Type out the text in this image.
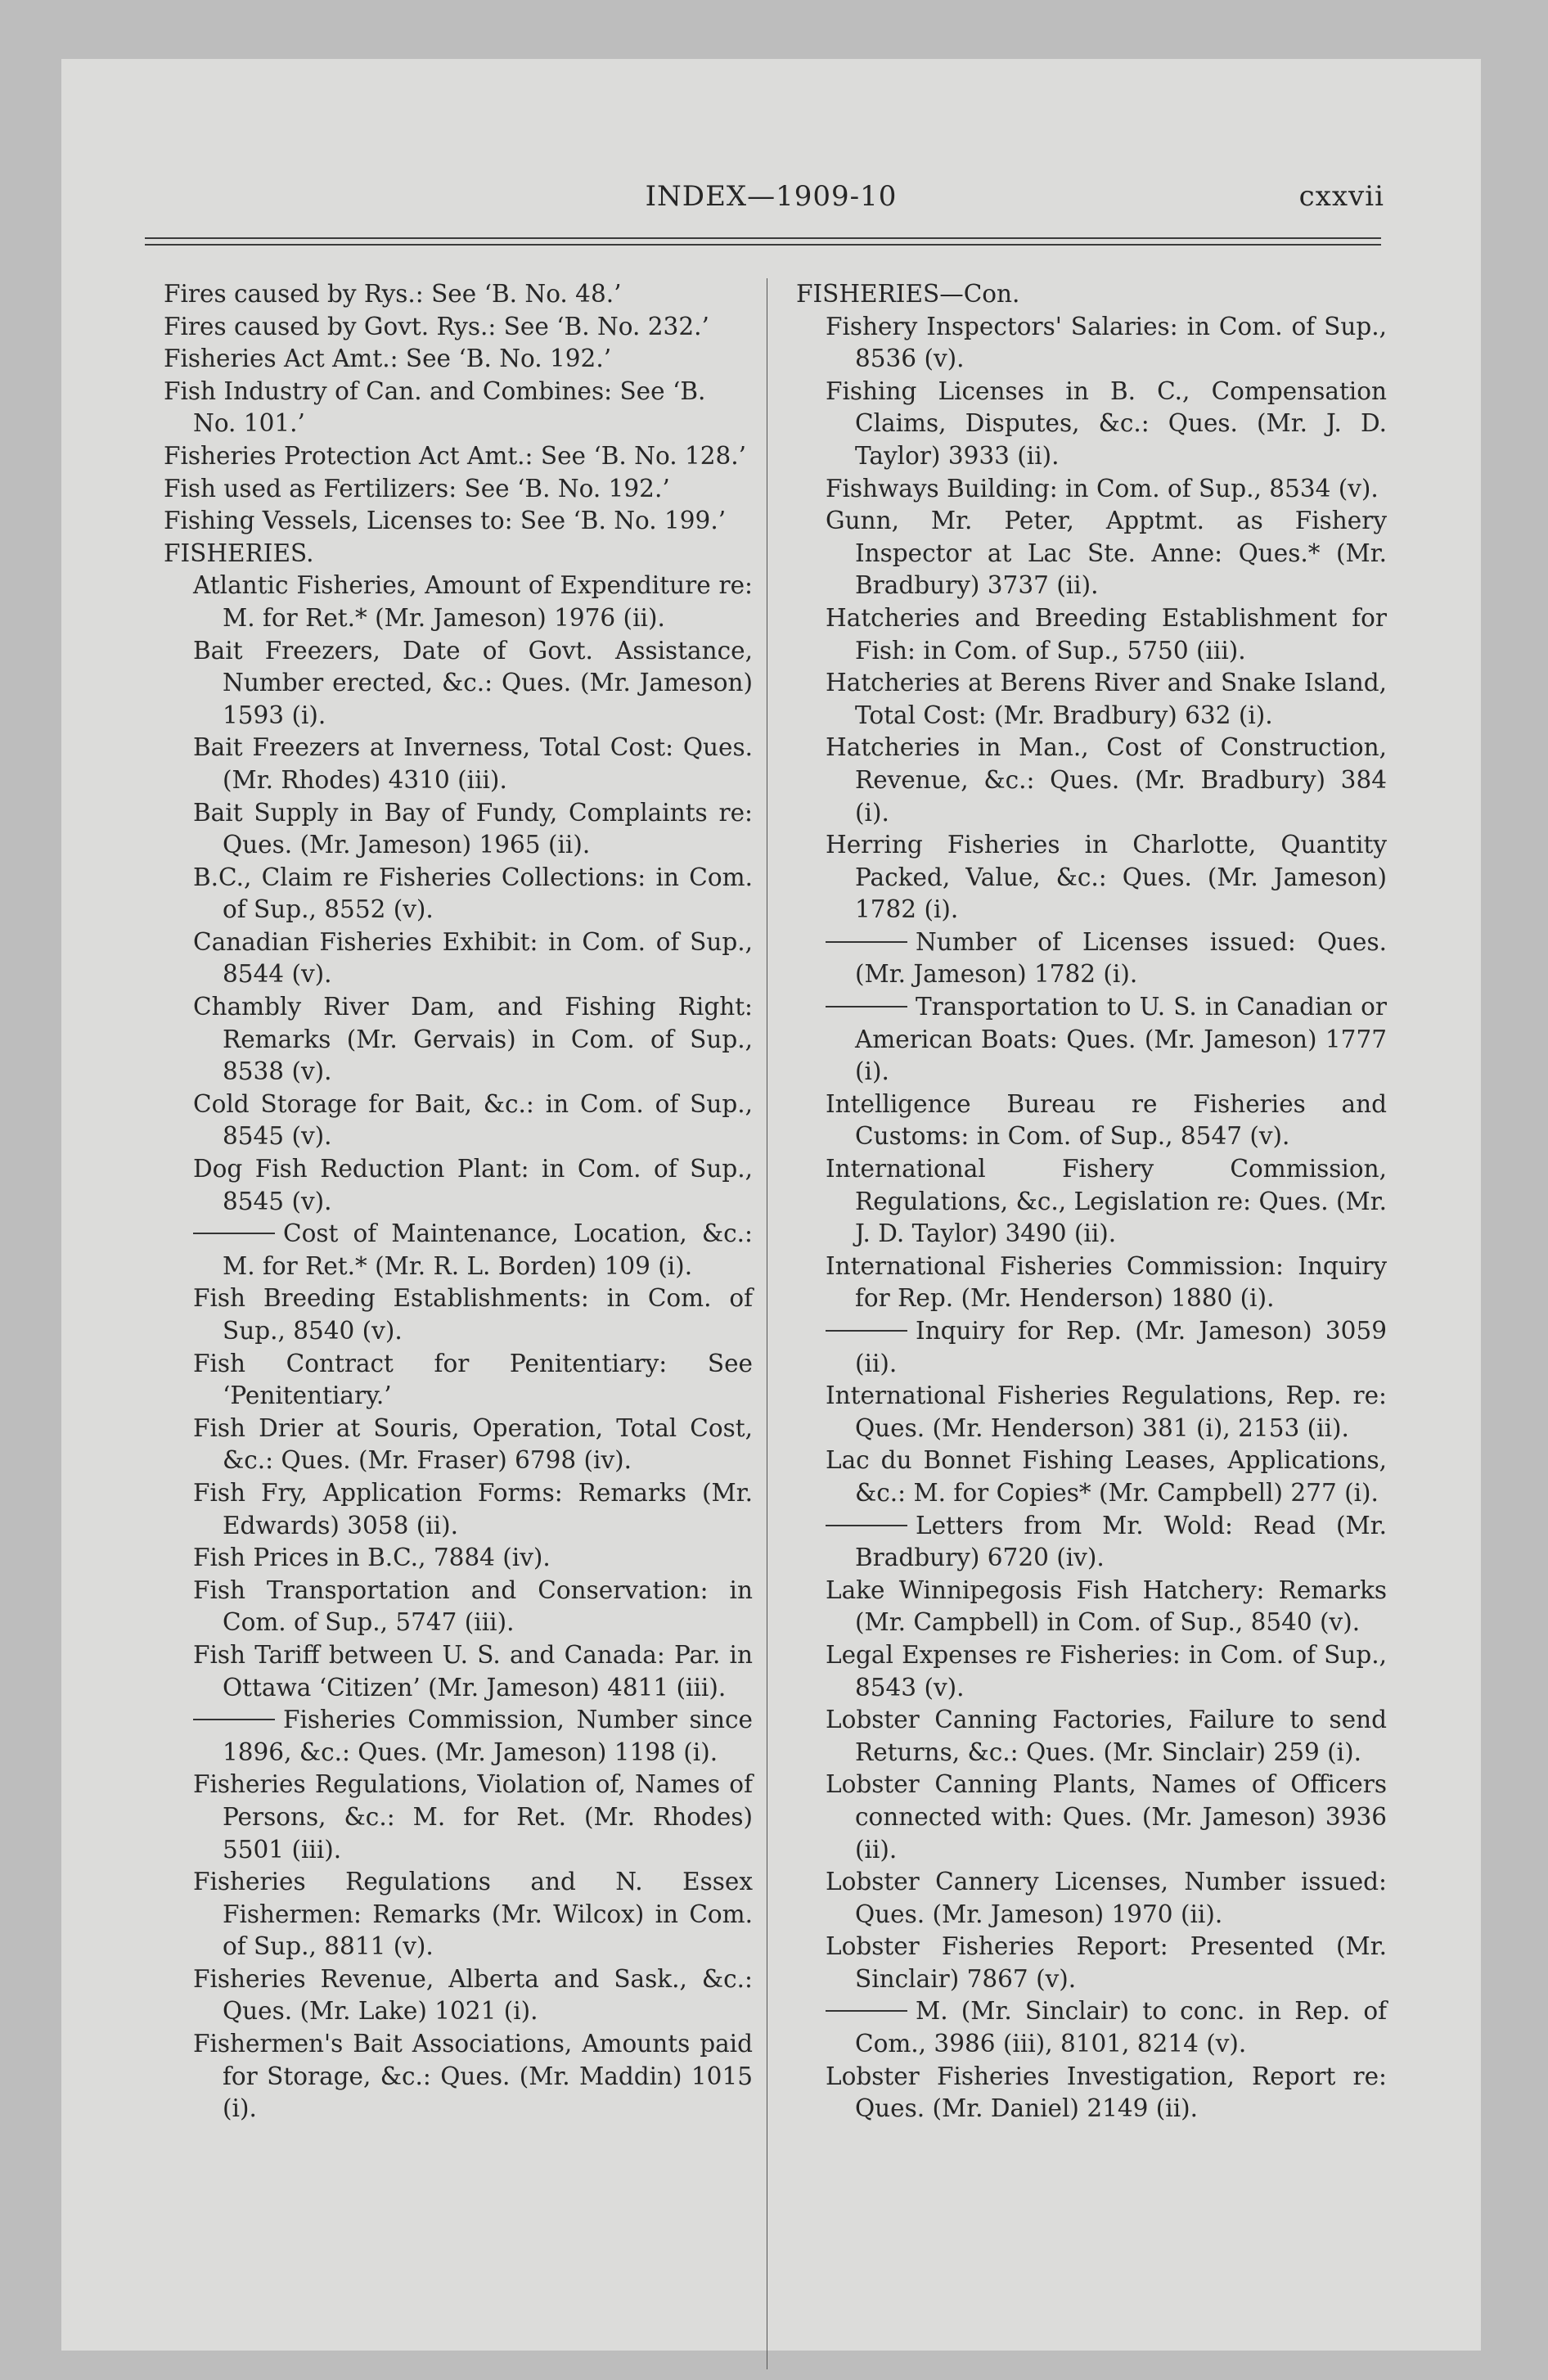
INDEX—1909-10	cxxvii

Fires caused by Rys.: See ‘B. No. 48.’

Fires caused by Govt. Rys.: See ‘B. No. 232.’

Fisheries Act Amt.: See ‘B. No. 192.’

Fish Industry of Can. and Combines: See ‘B. No. 101.’

Fisheries Protection Act Amt.: See ‘B. No. 128.’

Fish used as Fertilizers: See ‘B. No. 192.’

Fishing Vessels, Licenses to: See ‘B. No. 199.’

FISHERIES.

Atlantic Fisheries, Amount of Expenditure re: M. for Ret.* (Mr. Jameson) 1976 (ii).

Bait Freezers, Date of Govt. Assistance, Number erected, &c.: Ques. (Mr. Jameson) 1593 (i).

Bait Freezers at Inverness, Total Cost: Ques. (Mr. Rhodes) 4310 (iii).

Bait Supply in Bay of Fundy, Complaints re: Ques. (Mr. Jameson) 1965 (ii).

B.C., Claim re Fisheries Collections: in Com. of Sup., 8552 (v).

Canadian Fisheries Exhibit: in Com. of Sup., 8544 (v).

Chambly River Dam, and Fishing Right: Remarks (Mr. Gervais) in Com. of Sup., 8538 (v).

Cold Storage for Bait, &c.: in Com. of Sup., 8545 (v).

Dog Fish Reduction Plant: in Com. of Sup., 8545 (v).

Cost of Maintenance, Location, &c.: M. for Ret.* (Mr. R. L. Borden) 109 (i).

Fish Breeding Establishments: in Com. of Sup., 8540 (v).

Fish Contract for Penitentiary: See ‘Penitentiary.’

Fish Drier at Souris, Operation, Total Cost, &c.: Ques. (Mr. Fraser) 6798 (iv).

Fish Fry, Application Forms: Remarks (Mr. Edwards) 3058 (ii).

Fish Prices in B.C., 7884 (iv).

Fish Transportation and Conservation: in Com. of Sup., 5747 (iii).

Fish Tariff between U. S. and Canada: Par. in Ottawa ‘Citizen’ (Mr. Jameson) 4811 (iii).

Fisheries Commission, Number since 1896, &c.: Ques. (Mr. Jameson) 1198 (i).

Fisheries Regulations, Violation of, Names of Persons, &c.: M. for Ret. (Mr. Rhodes) 5501 (iii).

Fisheries Regulations and N. Essex Fishermen: Remarks (Mr. Wilcox) in Com. of Sup., 8811 (v).

Fisheries Revenue, Alberta and Sask., &c.: Ques. (Mr. Lake) 1021 (i).

Fishermen's Bait Associations, Amounts paid for Storage, &c.: Ques. (Mr. Maddin) 1015 (i).

FISHERIES—Con.

Fishery Inspectors' Salaries: in Com. of Sup., 8536 (v).

Fishing Licenses in B. C., Compensation Claims, Disputes, &c.: Ques. (Mr. J. D. Taylor) 3933 (ii).

Fishways Building: in Com. of Sup., 8534 (v).

Gunn, Mr. Peter, Apptmt. as Fishery Inspector at Lac Ste. Anne: Ques.* (Mr. Bradbury) 3737 (ii).

Hatcheries and Breeding Establishment for Fish: in Com. of Sup., 5750 (iii).

Hatcheries at Berens River and Snake Island, Total Cost: (Mr. Bradbury) 632 (i).

Hatcheries in Man., Cost of Construction, Revenue, &c.: Ques. (Mr. Bradbury) 384 (i).

Herring Fisheries in Charlotte, Quantity Packed, Value, &c.: Ques. (Mr. Jameson) 1782 (i).

Number of Licenses issued: Ques. (Mr. Jameson) 1782 (i).

Transportation to U. S. in Canadian or American Boats: Ques. (Mr. Jameson) 1777 (i).

Intelligence Bureau re Fisheries and Customs: in Com. of Sup., 8547 (v).

International Fishery Commission, Regulations, &c., Legislation re: Ques. (Mr. J. D. Taylor) 3490 (ii).

International Fisheries Commission: Inquiry for Rep. (Mr. Henderson) 1880 (i).

Inquiry for Rep. (Mr. Jameson) 3059 (ii).

International Fisheries Regulations, Rep. re: Ques. (Mr. Henderson) 381 (i), 2153 (ii).

Lac du Bonnet Fishing Leases, Applications, &c.: M. for Copies* (Mr. Campbell) 277 (i).

Letters from Mr. Wold: Read (Mr. Bradbury) 6720 (iv).

Lake Winnipegosis Fish Hatchery: Remarks (Mr. Campbell) in Com. of Sup., 8540 (v).

Legal Expenses re Fisheries: in Com. of Sup., 8543 (v).

Lobster Canning Factories, Failure to send Returns, &c.: Ques. (Mr. Sinclair) 259 (i).

Lobster Canning Plants, Names of Officers connected with: Ques. (Mr. Jameson) 3936 (ii).

Lobster Cannery Licenses, Number issued: Ques. (Mr. Jameson) 1970 (ii).

Lobster Fisheries Report: Presented (Mr. Sinclair) 7867 (v).

M. (Mr. Sinclair) to conc. in Rep. of Com., 3986 (iii), 8101, 8214 (v).

Lobster Fisheries Investigation, Report re: Ques. (Mr. Daniel) 2149 (ii).
